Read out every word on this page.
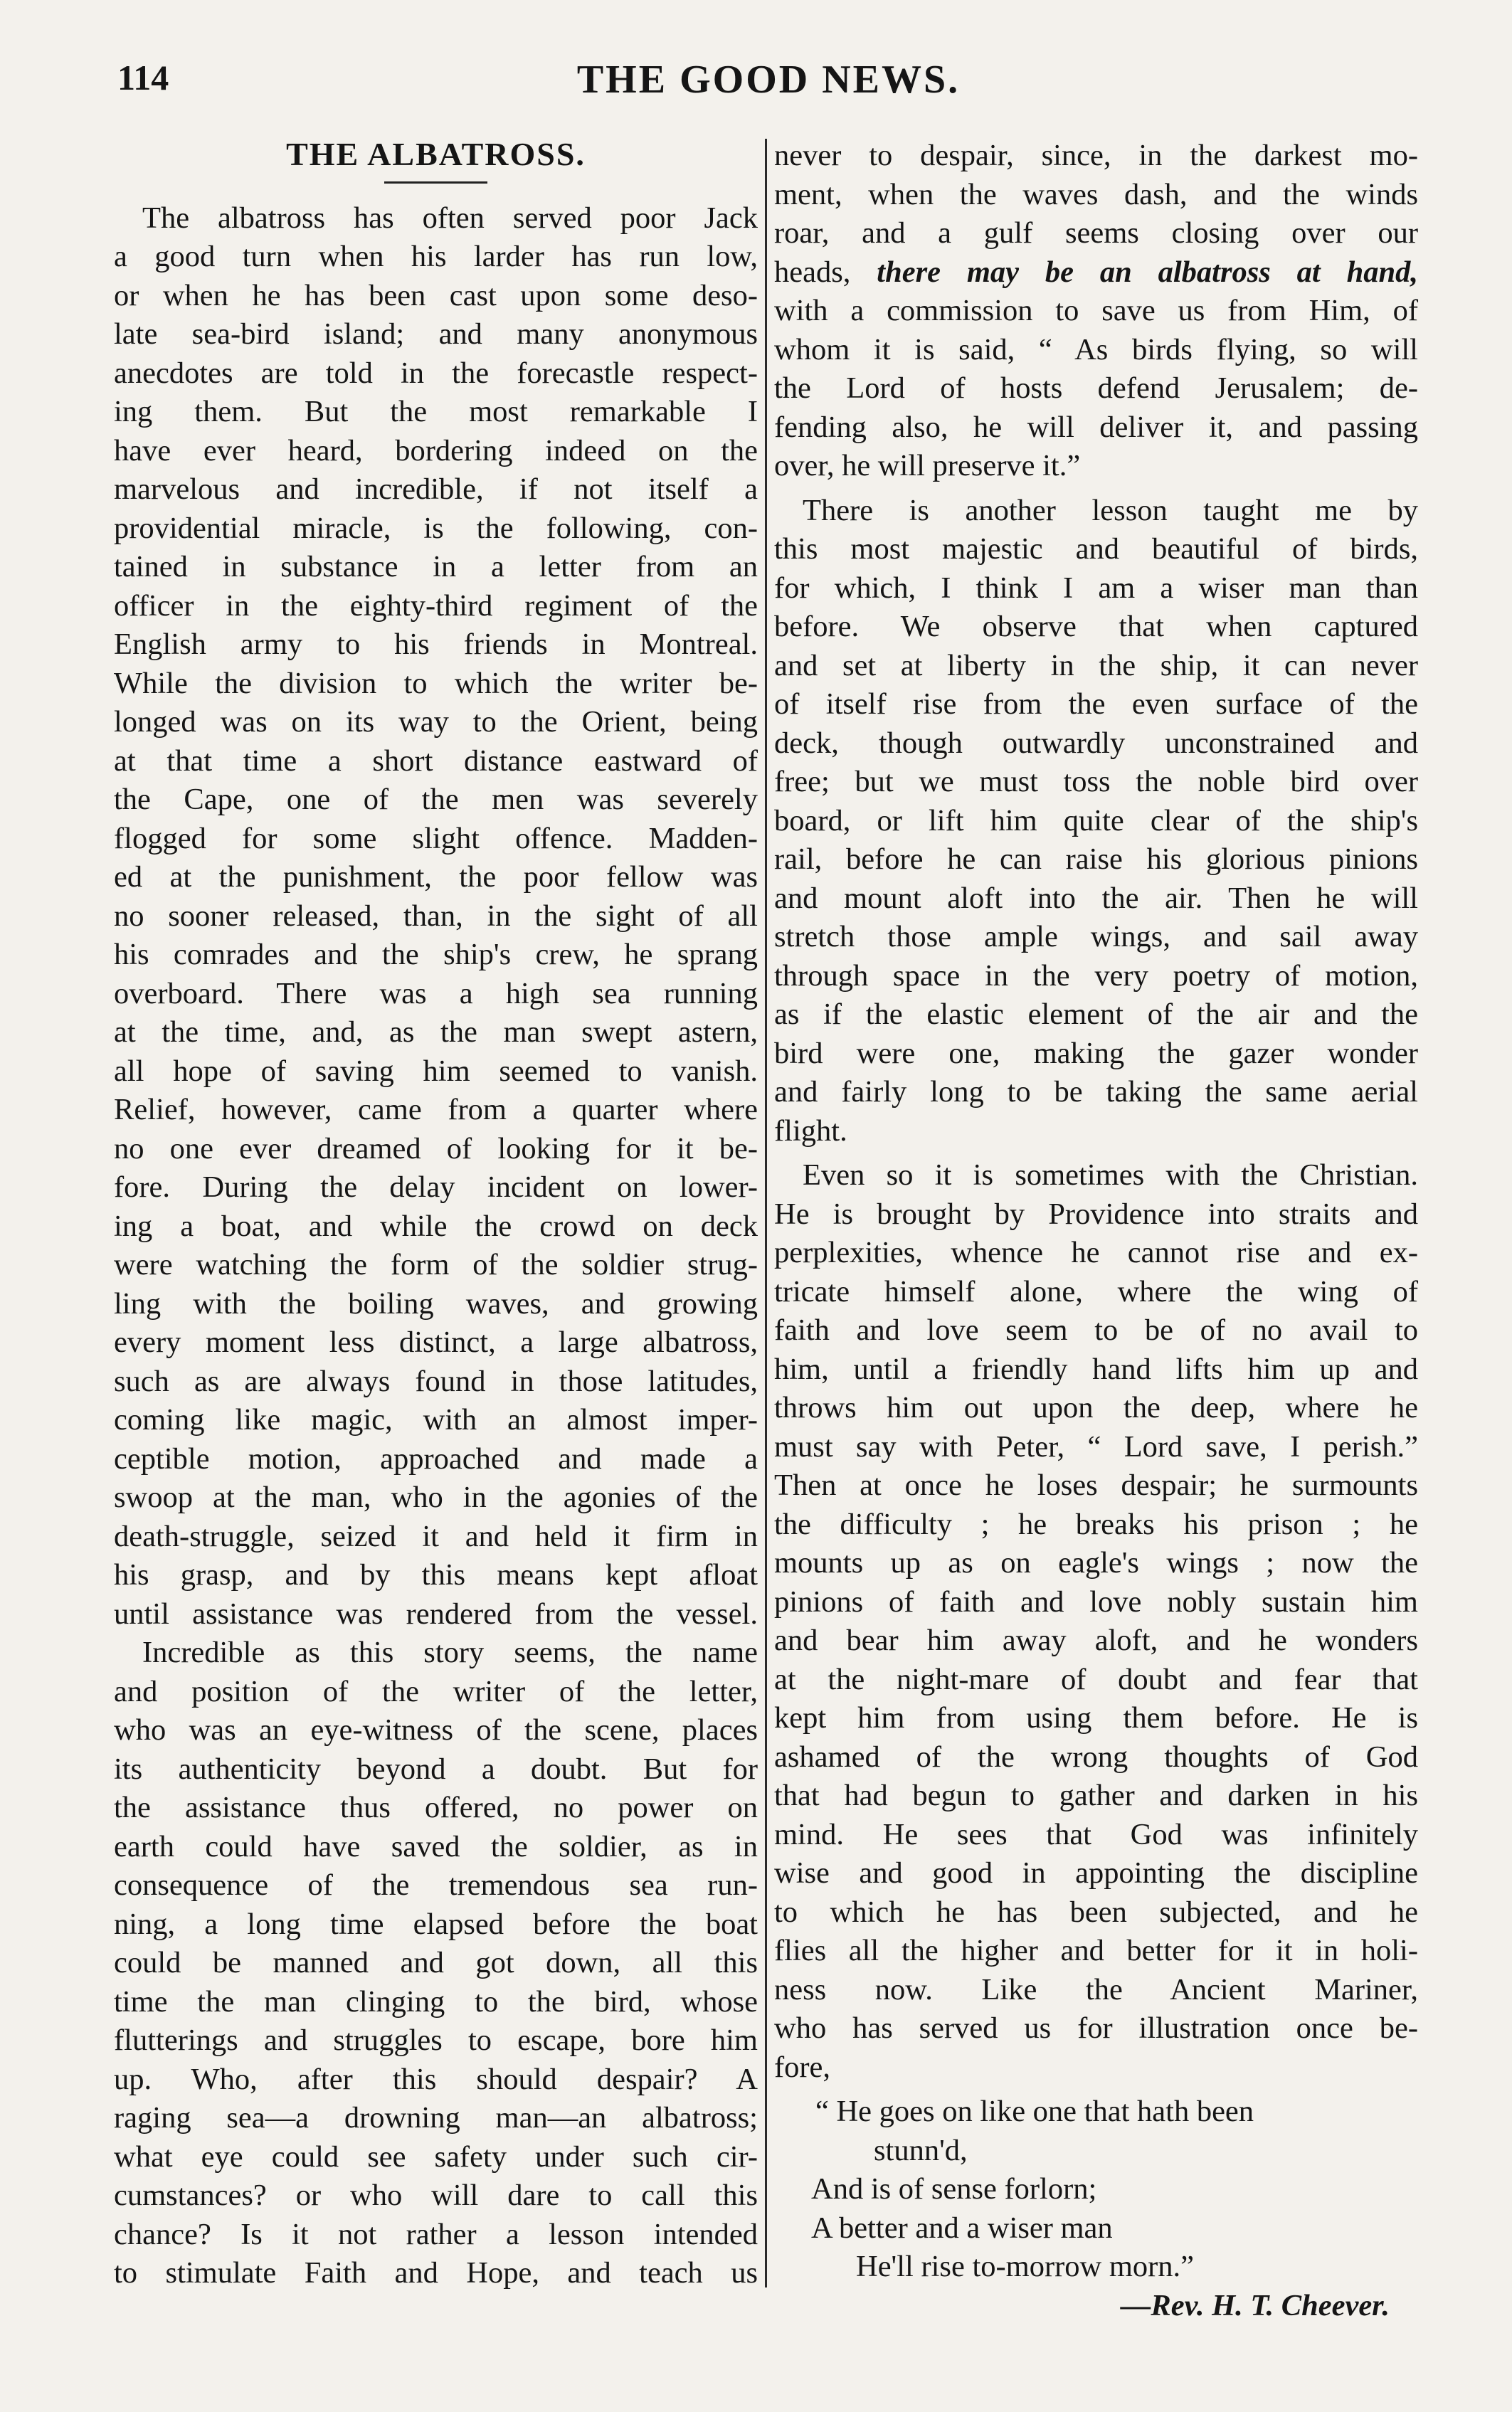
114	THE GOOD NEWS.
THE ALBATROSS.
The albatross has often served poor Jack
a good turn when his larder has run low,
or when he has been cast upon some deso-
late sea-bird island; and many anonymous
anecdotes are told in the forecastle respect-
ing them. But the most remarkable I
have ever heard, bordering indeed on the
marvelous and incredible, if not itself a
providential miracle, is the following, con-
tained in substance in a letter from an
officer in the eighty-third regiment of the
English army to his friends in Montreal.
While the division to which the writer be-
longed was on its way to the Orient, being
at that time a short distance eastward of
the Cape, one of the men was severely
flogged for some slight offence. Madden-
ed at the punishment, the poor fellow was
no sooner released, than, in the sight of all
his comrades and the ship's crew, he sprang
overboard. There was a high sea running
at the time, and, as the man swept astern,
all hope of saving him seemed to vanish.
Relief, however, came from a quarter where
no one ever dreamed of looking for it be-
fore. During the delay incident on lower-
ing a boat, and while the crowd on deck
were watching the form of the soldier strug-
ling with the boiling waves, and growing
every moment less distinct, a large albatross,
such as are always found in those latitudes,
coming like magic, with an almost imper-
ceptible motion, approached and made a
swoop at the man, who in the agonies of the
death-struggle, seized it and held it firm in
his grasp, and by this means kept afloat
until assistance was rendered from the vessel.
Incredible as this story seems, the name
and position of the writer of the letter,
who was an eye-witness of the scene, places
its authenticity beyond a doubt. But for
the assistance thus offered, no power on
earth could have saved the soldier, as in
consequence of the tremendous sea run-
ning, a long time elapsed before the boat
could be manned and got down, all this
time the man clinging to the bird, whose
flutterings and struggles to escape, bore him
up. Who, after this should despair? A
raging sea—a drowning man—an albatross;
what eye could see safety under such cir-
cumstances? or who will dare to call this
chance? Is it not rather a lesson intended
to stimulate Faith and Hope, and teach us
never to despair, since, in the darkest mo-
ment, when the waves dash, and the winds
roar, and a gulf seems closing over our
heads, there may be an albatross at hand,
with a commission to save us from Him, of
whom it is said, “ As birds flying, so will
the Lord of hosts defend Jerusalem; de-
fending also, he will deliver it, and passing
over, he will preserve it.”
There is another lesson taught me by
this most majestic and beautiful of birds,
for which, I think I am a wiser man than
before. We observe that when captured
and set at liberty in the ship, it can never
of itself rise from the even surface of the
deck, though outwardly unconstrained and
free; but we must toss the noble bird over
board, or lift him quite clear of the ship's
rail, before he can raise his glorious pinions
and mount aloft into the air. Then he will
stretch those ample wings, and sail away
through space in the very poetry of motion,
as if the elastic element of the air and the
bird were one, making the gazer wonder
and fairly long to be taking the same aerial
flight.
Even so it is sometimes with the Christian.
He is brought by Providence into straits and
perplexities, whence he cannot rise and ex-
tricate himself alone, where the wing of
faith and love seem to be of no avail to
him, until a friendly hand lifts him up and
throws him out upon the deep, where he
must say with Peter, “ Lord save, I perish.”
Then at once he loses despair; he surmounts
the difficulty ; he breaks his prison ; he
mounts up as on eagle's wings ; now the
pinions of faith and love nobly sustain him
and bear him away aloft, and he wonders
at the night-mare of doubt and fear that
kept him from using them before. He is
ashamed of the wrong thoughts of God
that had begun to gather and darken in his
mind. He sees that God was infinitely
wise and good in appointing the discipline
to which he has been subjected, and he
flies all the higher and better for it in holi-
ness now. Like the Ancient Mariner,
who has served us for illustration once be-
fore,
“ He goes on like one that hath been
stunn'd,
And is of sense forlorn;
A better and a wiser man
He'll rise to-morrow morn.”
—Rev. H. T. Cheever.
